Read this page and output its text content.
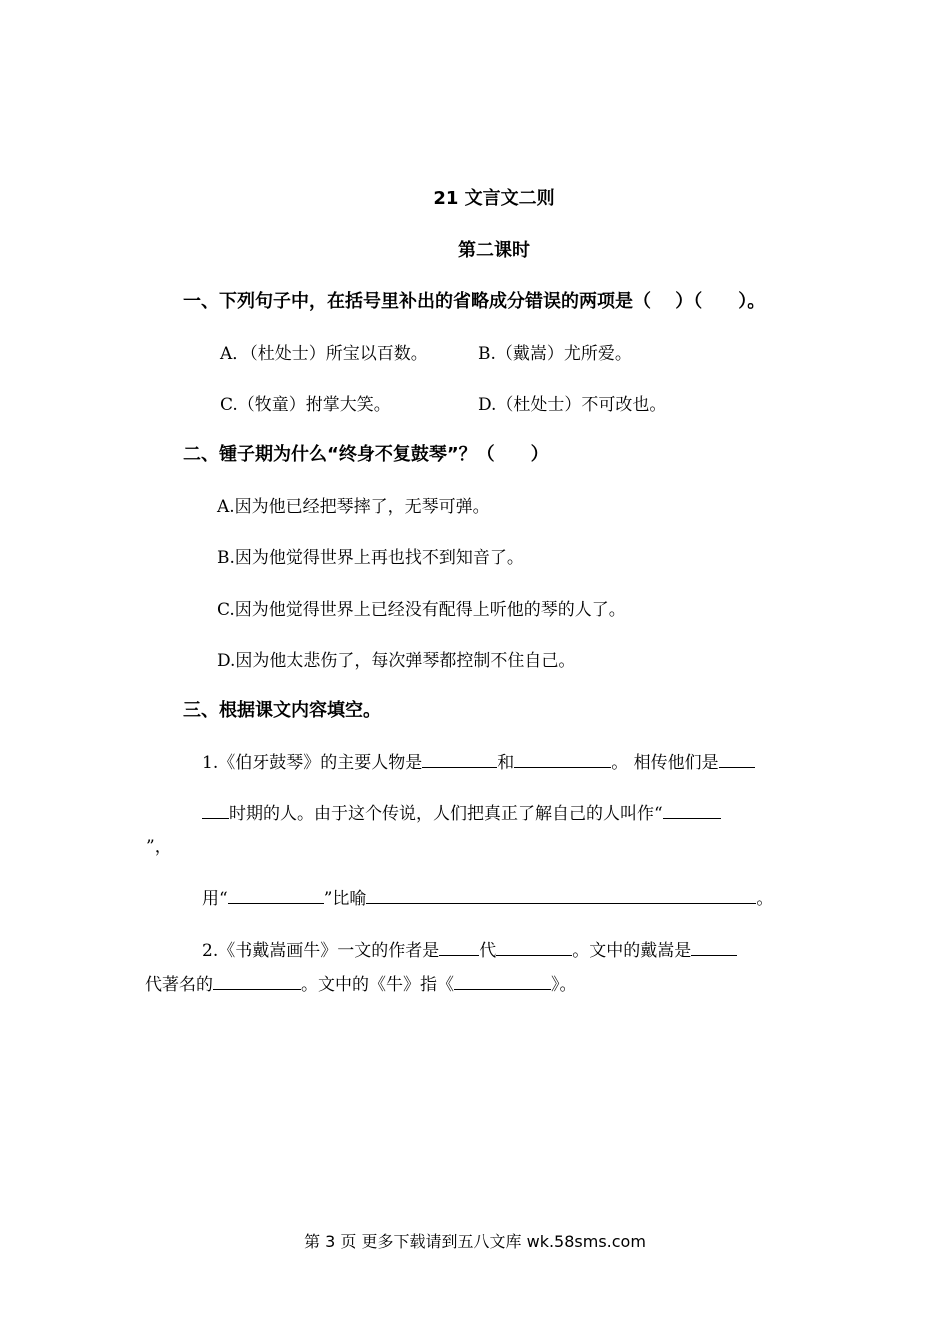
21 文言文二则
第二课时
一、下列句子中，在括号里补出的省略成分错误的两项是（　 ）（　　）。
A．（杜处士）所宝以百数。	B.（戴嵩）尤所爱。
C.（牧童）拊掌大笑。	D.（杜处士）不可改也。
二、锺子期为什么“终身不复鼓琴”？（　　）
A.因为他已经把琴摔了，无琴可弹。
B.因为他觉得世界上再也找不到知音了。
C.因为他觉得世界上已经没有配得上听他的琴的人了。
D.因为他太悲伤了，每次弹琴都控制不住自己。
三、根据课文内容填空。
1.《伯牙鼓琴》的主要人物是	和	。 相传他们是
时期的人。由于这个传说，人们把真正了解自己的人叫作“
”，
用“	”比喻	。
2.《书戴嵩画牛》一文的作者是 代	。文中的戴嵩是
代著名的	。文中的《牛》指《	》。
第 3 页 更多下载请到五八文库 wk.58sms.com
